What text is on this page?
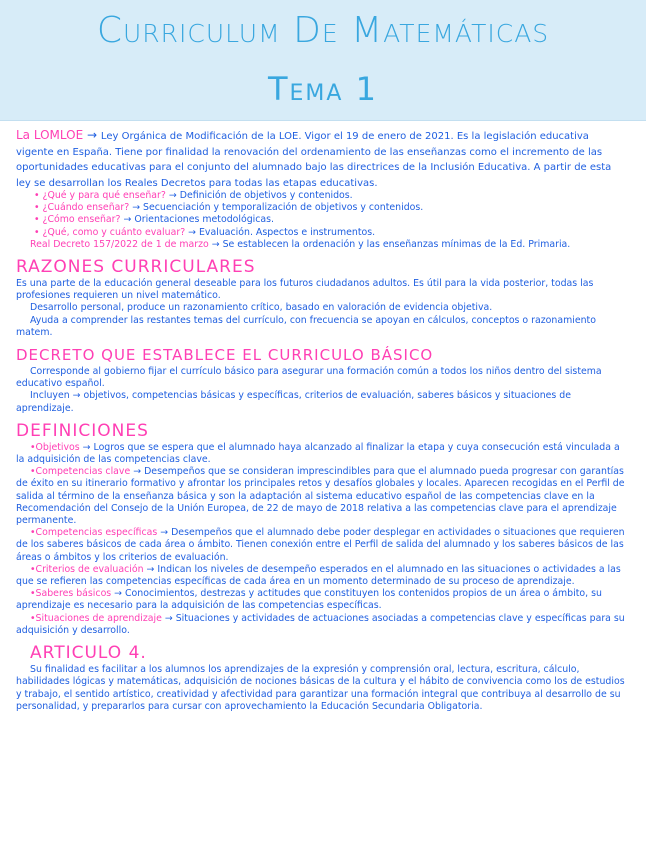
Curriculum De Matemáticas
Tema 1

La LOMLOE → Ley Orgánica de Modificación de la LOE. Vigor el 19 de enero de 2021. Es la legislación educativa vigente en España. Tiene por finalidad la renovación del ordenamiento de las enseñanzas como el incremento de las oportunidades educativas para el conjunto del alumnado bajo las directrices de la Inclusión Educativa. A partir de esta ley se desarrollan los Reales Decretos para todas las etapas educativas.

• ¿Qué y para qué enseñar? → Definición de objetivos y contenidos.
• ¿Cuándo enseñar? → Secuenciación y temporalización de objetivos y contenidos.
• ¿Cómo enseñar? → Orientaciones metodológicas.
• ¿Qué, como y cuánto evaluar? → Evaluación. Aspectos e instrumentos.
Real Decreto 157/2022 de 1 de marzo → Se establecen la ordenación y las enseñanzas mínimas de la Ed. Primaria.
RAZONES CURRICULARES

Es una parte de la educación general deseable para los futuros ciudadanos adultos. Es útil para la vida posterior, todas las profesiones requieren un nivel matemático.

Desarrollo personal, produce un razonamiento crítico, basado en valoración de evidencia objetiva.

Ayuda a comprender las restantes temas del currículo, con frecuencia se apoyan en cálculos, conceptos o razonamiento matem.

DECRETO QUE ESTABLECE EL CURRICULO BÁSICO

Corresponde al gobierno fijar el currículo básico para asegurar una formación común a todos los niños dentro del sistema educativo español.

Incluyen → objetivos, competencias básicas y específicas, criterios de evaluación, saberes básicos y situaciones de aprendizaje.

DEFINICIONES

•Objetivos → Logros que se espera que el alumnado haya alcanzado al finalizar la etapa y cuya consecución está vinculada a la adquisición de las competencias clave.

•Competencias clave → Desempeños que se consideran imprescindibles para que el alumnado pueda progresar con garantías de éxito en su itinerario formativo y afrontar los principales retos y desafíos globales y locales. Aparecen recogidas en el Perfil de salida al término de la enseñanza básica y son la adaptación al sistema educativo español de las competencias clave en la Recomendación del Consejo de la Unión Europea, de 22 de mayo de 2018 relativa a las competencias clave para el aprendizaje permanente.

•Competencias específicas → Desempeños que el alumnado debe poder desplegar en actividades o situaciones que requieren de los saberes básicos de cada área o ámbito. Tienen conexión entre el Perfil de salida del alumnado y los saberes básicos de las áreas o ámbitos y los criterios de evaluación.

•Criterios de evaluación → Indican los niveles de desempeño esperados en el alumnado en las situaciones o actividades a las que se refieren las competencias específicas de cada área en un momento determinado de su proceso de aprendizaje.

•Saberes básicos → Conocimientos, destrezas y actitudes que constituyen los contenidos propios de un área o ámbito, su aprendizaje es necesario para la adquisición de las competencias específicas.

•Situaciones de aprendizaje → Situaciones y actividades de actuaciones asociadas a competencias clave y específicas para su adquisición y desarrollo.

ARTICULO 4.

Su finalidad es facilitar a los alumnos los aprendizajes de la expresión y comprensión oral, lectura, escritura, cálculo, habilidades lógicas y matemáticas, adquisición de nociones básicas de la cultura y el hábito de convivencia como los de estudios y trabajo, el sentido artístico, creatividad y afectividad para garantizar una formación integral que contribuya al desarrollo de su personalidad, y prepararlos para cursar con aprovechamiento la Educación Secundaria Obligatoria.
